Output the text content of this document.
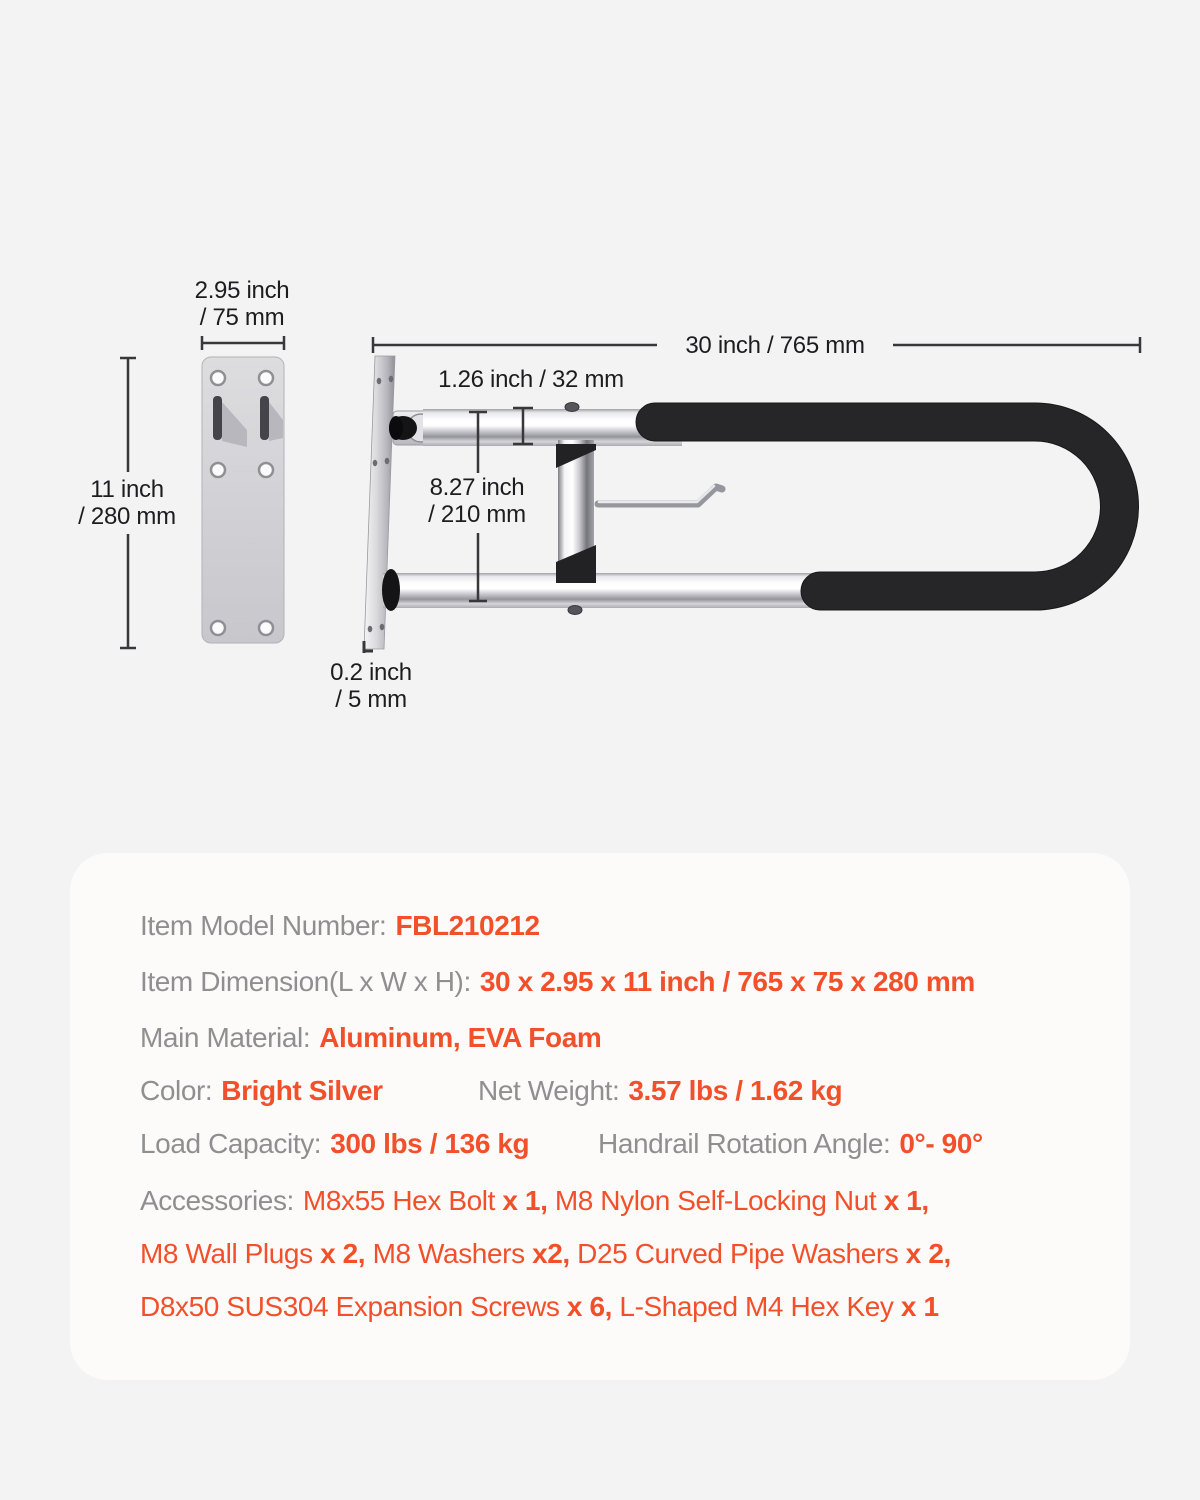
2.95 inch
/ 75 mm
11 inch
/ 280 mm
30 inch / 765 mm
1.26 inch / 32 mm
8.27 inch
/ 210 mm
0.2 inch
/ 5 mm
Item Model Number: FBL210212
Item Dimension(L x W x H): 30 x 2.95 x 11 inch / 765 x 75 x 280 mm
Main Material: Aluminum, EVA Foam
Color: Bright Silver	Net Weight: 3.57 lbs / 1.62 kg
Load Capacity: 300 lbs / 136 kg Handrail Rotation Angle: 0°- 90°
Accessories: M8x55 Hex Bolt x 1, M8 Nylon Self-Locking Nut x 1,
M8 Wall Plugs x 2, M8 Washers x2, D25 Curved Pipe Washers x 2,
D8x50 SUS304 Expansion Screws x 6, L-Shaped M4 Hex Key x 1
